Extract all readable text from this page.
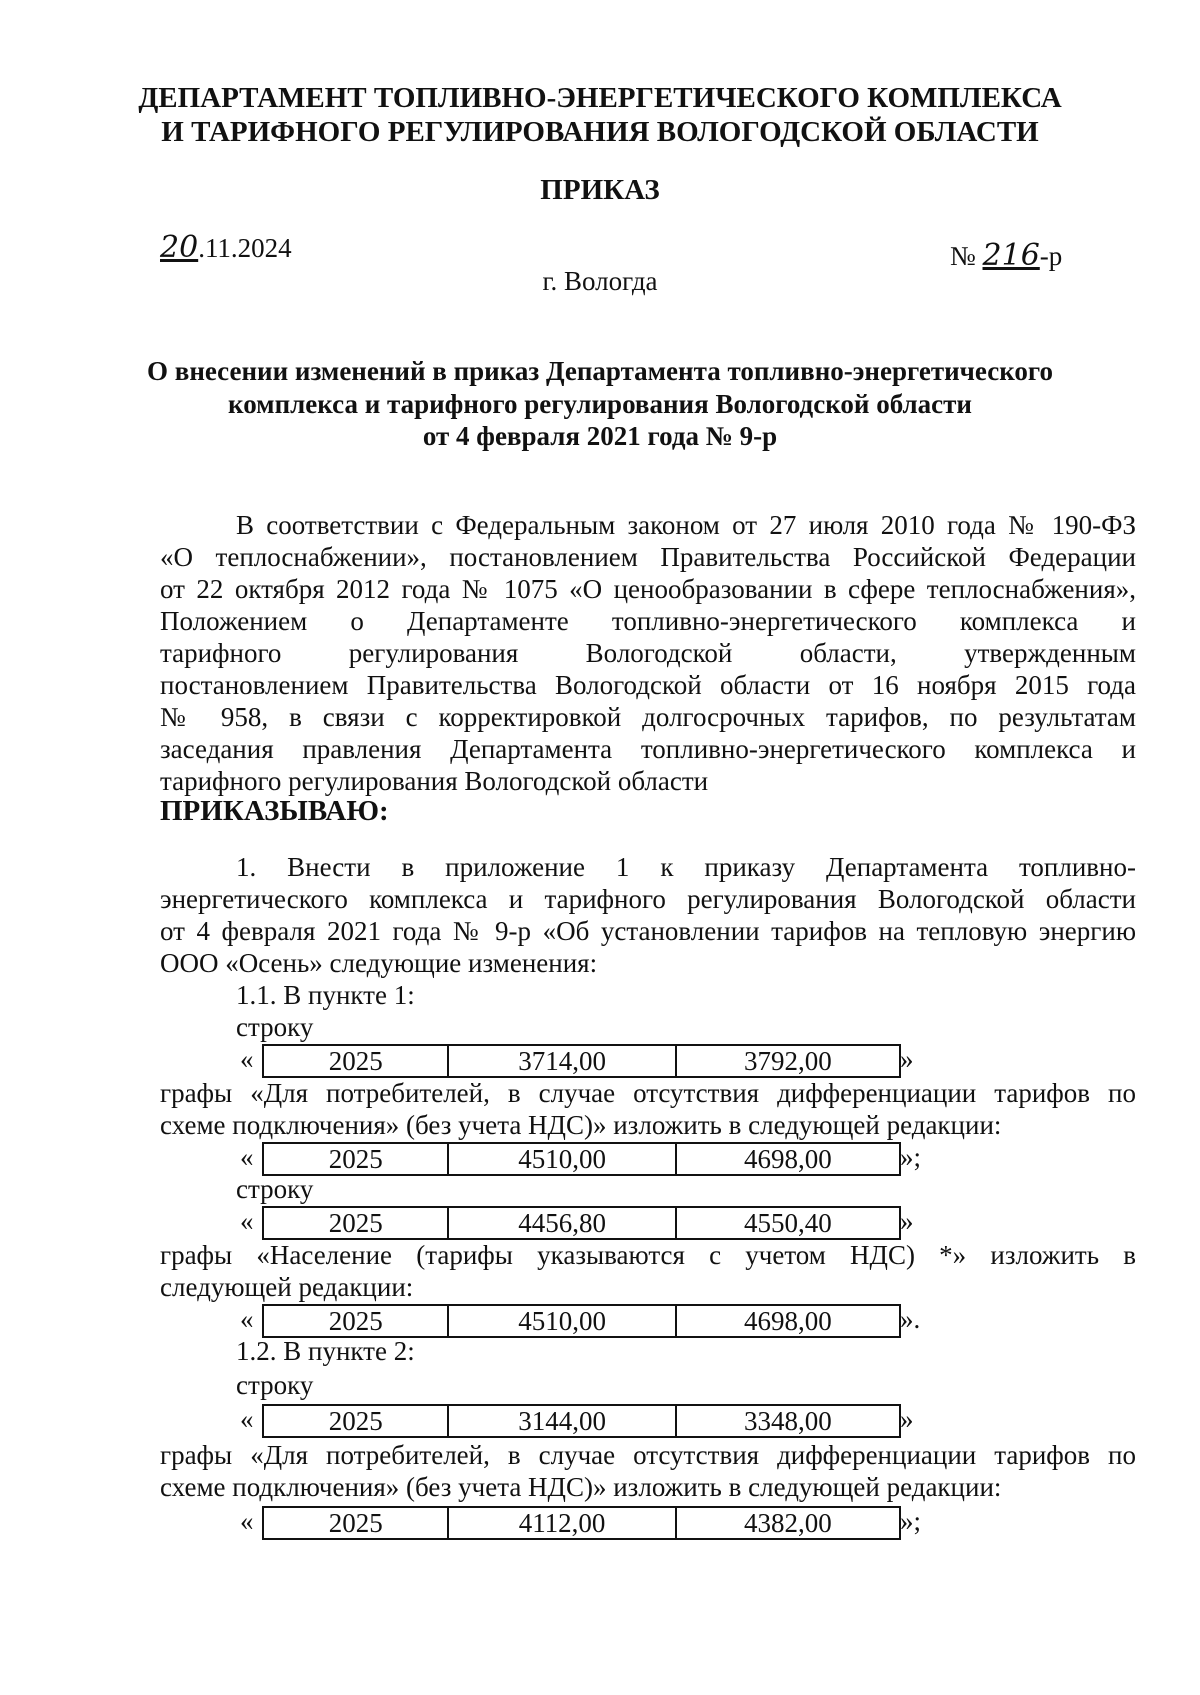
ДЕПАРТАМЕНТ ТОПЛИВНО-ЭНЕРГЕТИЧЕСКОГО КОМПЛЕКСА
И ТАРИФНОГО РЕГУЛИРОВАНИЯ ВОЛОГОДСКОЙ ОБЛАСТИ
ПРИКАЗ
20.11.2024	№ 216-р
г. Вологда
О внесении изменений в приказ Департамента топливно-энергетического
комплекса и тарифного регулирования Вологодской области
от 4 февраля 2021 года № 9-р
В соответствии с Федеральным законом от 27 июля 2010 года № 190-ФЗ
«О теплоснабжении», постановлением Правительства Российской Федерации
от 22 октября 2012 года № 1075 «О ценообразовании в сфере теплоснабжения»,
Положением о Департаменте топливно-энергетического комплекса и
тарифного регулирования Вологодской области, утвержденным
постановлением Правительства Вологодской области от 16 ноября 2015 года
№ 958, в связи с корректировкой долгосрочных тарифов, по результатам
заседания правления Департамента топливно-энергетического комплекса и
тарифного регулирования Вологодской области
ПРИКАЗЫВАЮ:
1. Внести в приложение 1 к приказу Департамента топливно-
энергетического комплекса и тарифного регулирования Вологодской области
от 4 февраля 2021 года № 9-р «Об установлении тарифов на тепловую энергию
ООО «Осень» следующие изменения:
1.1. В пункте 1:
строку
«	2025	3714,00	3792,00	»
графы «Для потребителей, в случае отсутствия дифференциации тарифов по
схеме подключения» (без учета НДС)» изложить в следующей редакции:
«	2025	4510,00	4698,00	»;
строку
«	2025	4456,80	4550,40	»
графы «Население (тарифы указываются с учетом НДС) *» изложить в
следующей редакции:
«	2025	4510,00	4698,00	».
1.2. В пункте 2:
строку
«	2025	3144,00	3348,00	»
графы «Для потребителей, в случае отсутствия дифференциации тарифов по
схеме подключения» (без учета НДС)» изложить в следующей редакции:
«	2025	4112,00	4382,00	»;
